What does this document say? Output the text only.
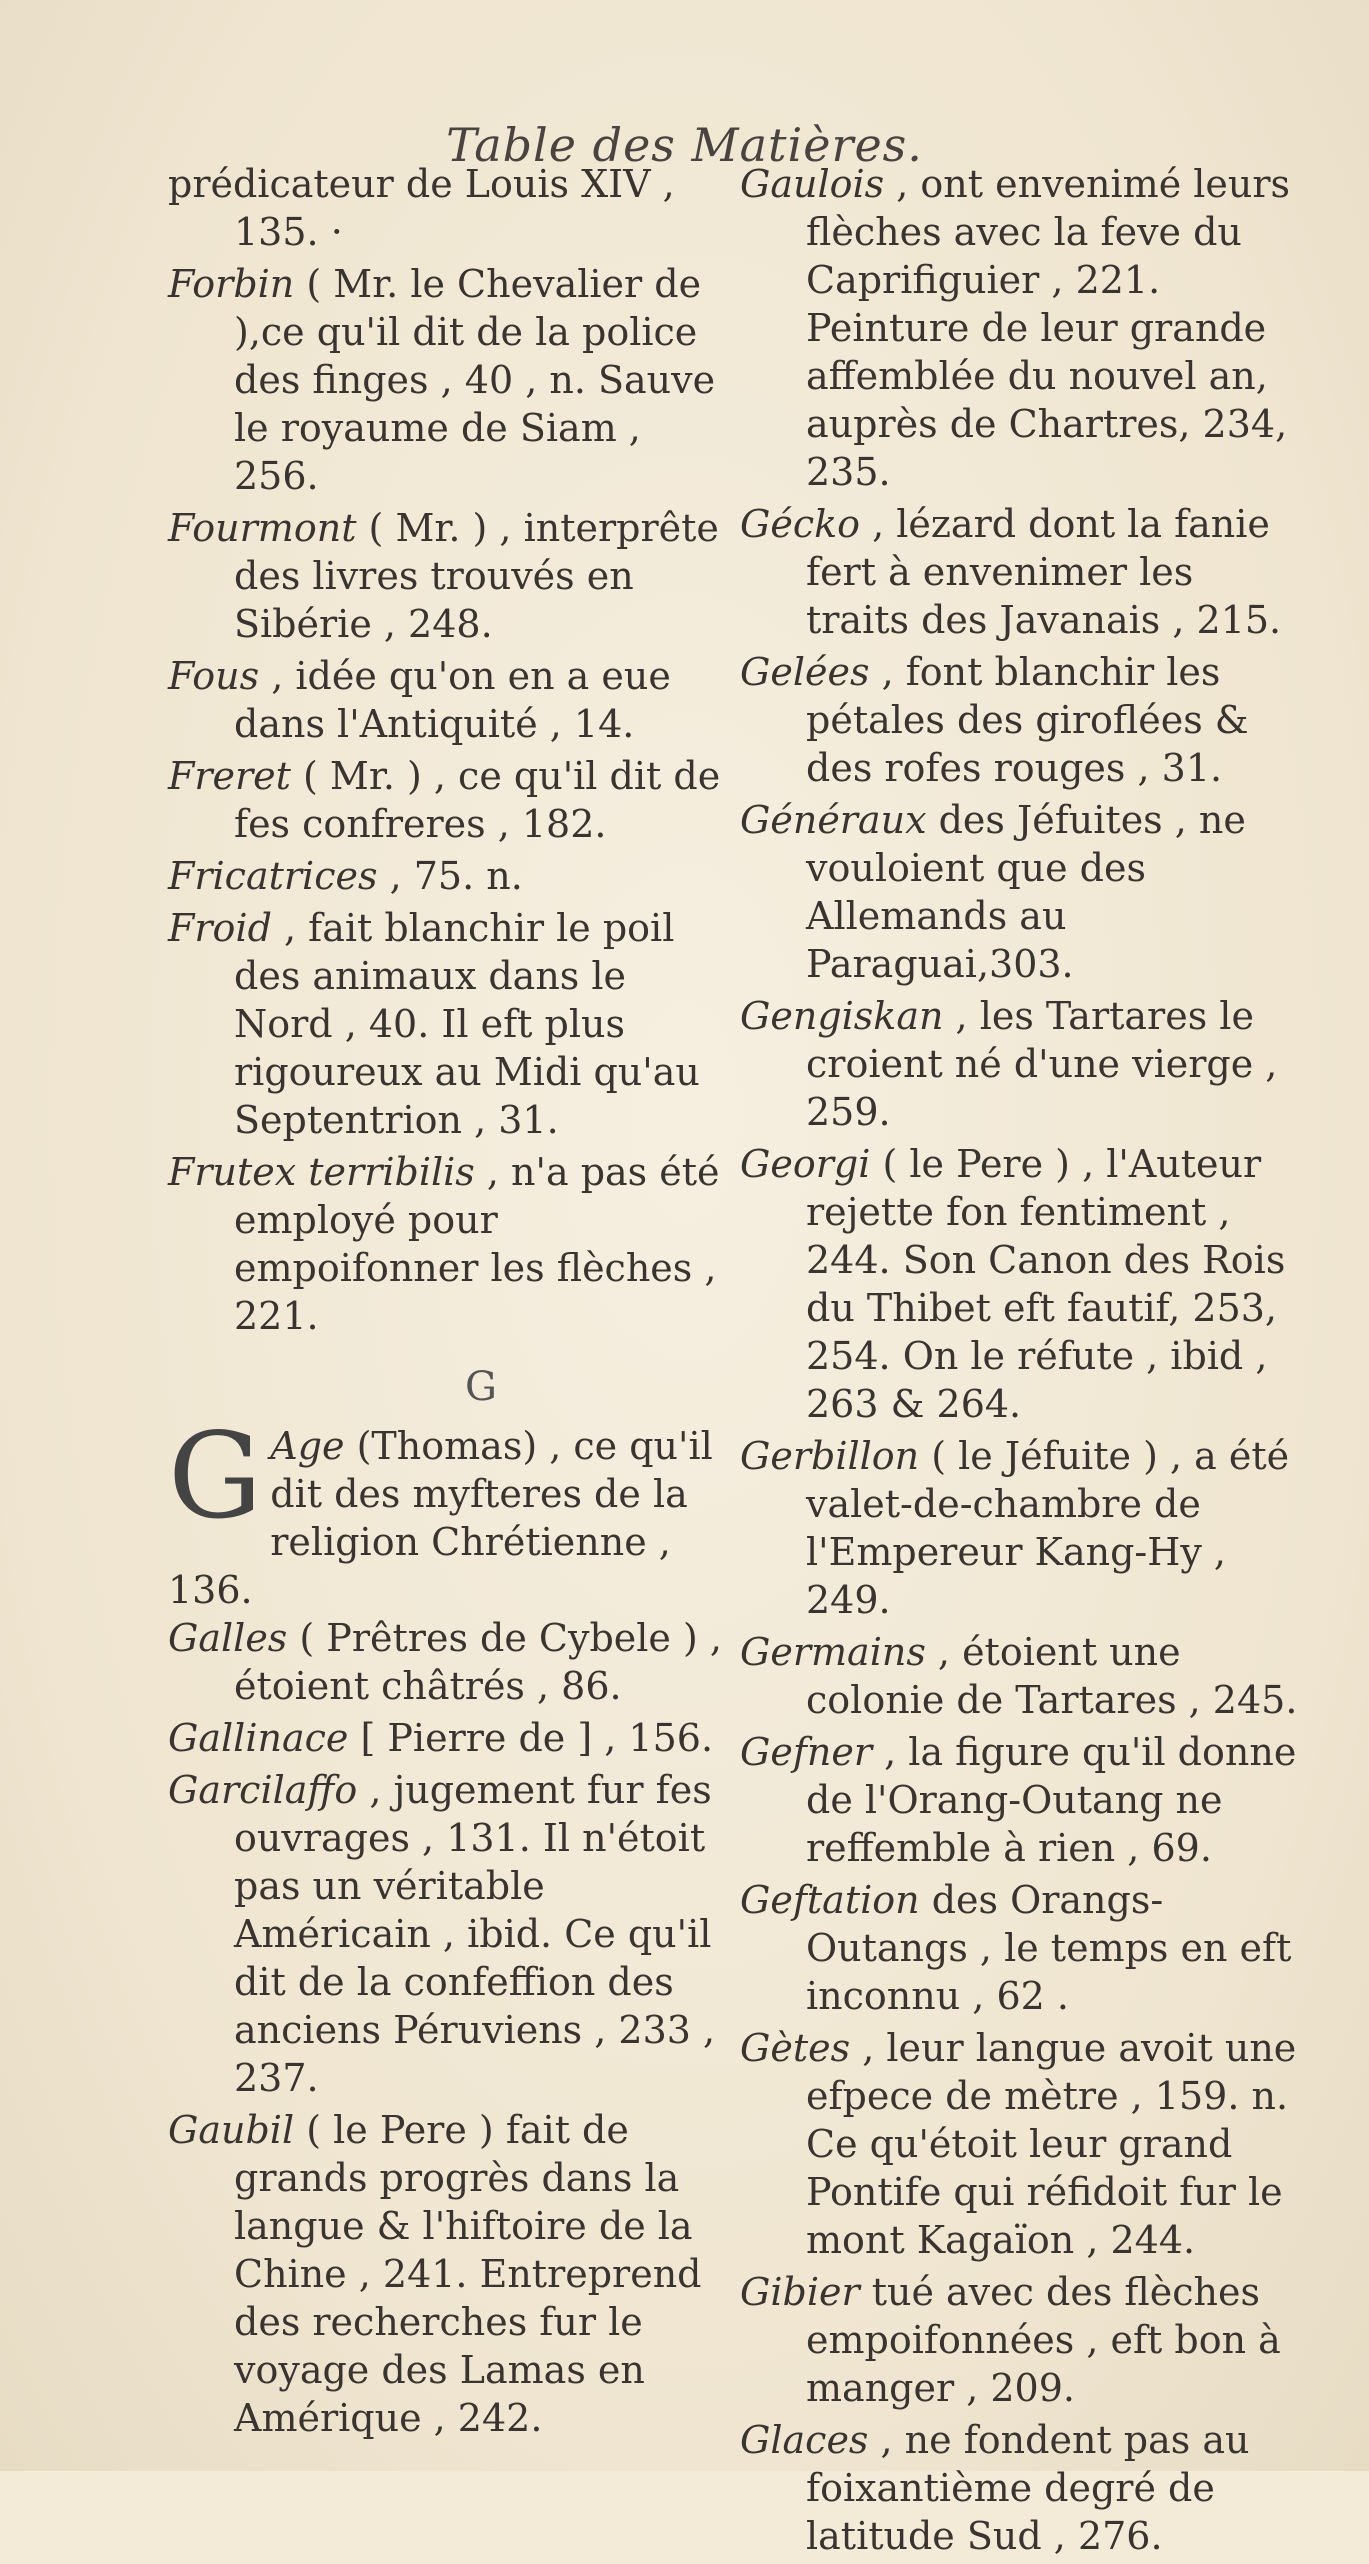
Table des Matières.

prédicateur de Louis XIV , 135. ·

Forbin ( Mr. le Chevalier de ),ce qu'il dit de la police des finges , 40 , n. Sauve le royaume de Siam , 256.

Fourmont ( Mr. ) , interprête des livres trouvés en Sibérie , 248.

Fous , idée qu'on en a eue dans l'Antiquité , 14.

Freret ( Mr. ) , ce qu'il dit de fes confreres , 182.

Fricatrices , 75. n.

Froid , fait blanchir le poil des animaux dans le Nord , 40. Il eft plus rigoureux au Midi qu'au Septentrion , 31.

Frutex terribilis , n'a pas été employé pour empoifonner les flèches , 221.

G
G Age (Thomas) , ce qu'il dit des myfteres de la religion Chrétienne , 136.

Galles ( Prêtres de Cybele ) , étoient châtrés , 86.

Gallinace [ Pierre de ] , 156.

Garcilaffo , jugement fur fes ouvrages , 131. Il n'étoit pas un véritable Américain , ibid. Ce qu'il dit de la confeffion des anciens Péruviens , 233 , 237.

Gaubil ( le Pere ) fait de grands progrès dans la langue & l'hiftoire de la Chine , 241. Entreprend des recherches fur le voyage des Lamas en Amérique , 242.

Gaulois , ont envenimé leurs flèches avec la feve du Caprifiguier , 221. Peinture de leur grande affemblée du nouvel an, auprès de Chartres, 234, 235.

Gécko , lézard dont la fanie fert à envenimer les traits des Javanais , 215.

Gelées , font blanchir les pétales des giroflées & des rofes rouges , 31.

Généraux des Jéfuites , ne vouloient que des Allemands au Paraguai,303.

Gengiskan , les Tartares le croient né d'une vierge , 259.

Georgi ( le Pere ) , l'Auteur rejette fon fentiment , 244. Son Canon des Rois du Thibet eft fautif, 253, 254. On le réfute , ibid , 263 & 264.

Gerbillon ( le Jéfuite ) , a été valet-de-chambre de l'Empereur Kang-Hy , 249.

Germains , étoient une colonie de Tartares , 245.

Gefner , la figure qu'il donne de l'Orang-Outang ne reffemble à rien , 69.

Geftation des Orangs-Outangs , le temps en eft inconnu , 62 .

Gètes , leur langue avoit une efpece de mètre , 159. n. Ce qu'étoit leur grand Pontife qui réfidoit fur le mont Kagaïon , 244.

Gibier tué avec des flèches empoifonnées , eft bon à manger , 209.

Glaces , ne fondent pas au foixantième degré de latitude Sud , 276.
